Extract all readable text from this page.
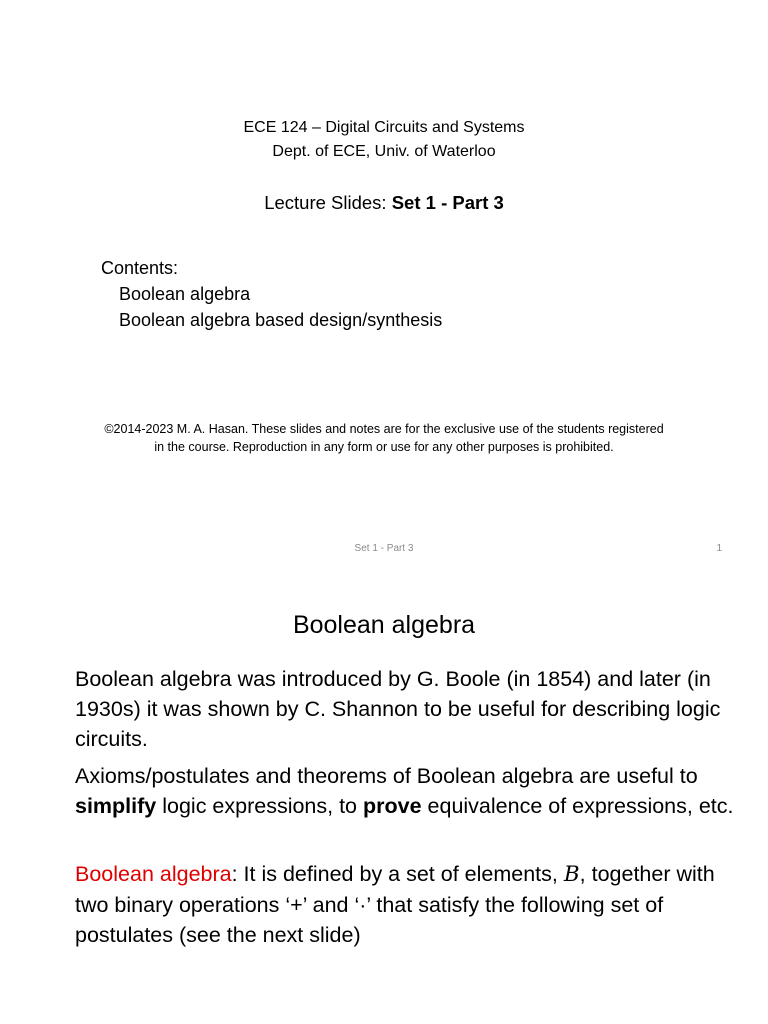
ECE 124 – Digital Circuits and Systems
Dept. of ECE, Univ. of Waterloo
Lecture Slides: Set 1 - Part 3
Contents:
Boolean algebra
Boolean algebra based design/synthesis
©2014-2023 M. A. Hasan. These slides and notes are for the exclusive use of the students registered
in the course. Reproduction in any form or use for any other purposes is prohibited.
Set 1 - Part 3	1
Boolean algebra
Boolean algebra was introduced by G. Boole (in 1854) and later (in 1930s) it was shown by C. Shannon to be useful for describing logic circuits.
Axioms/postulates and theorems of Boolean algebra are useful to simplify logic expressions, to prove equivalence of expressions, etc.
Boolean algebra: It is defined by a set of elements, B, together with two binary operations ‘+’ and ‘·’ that satisfy the following set of postulates (see the next slide)
